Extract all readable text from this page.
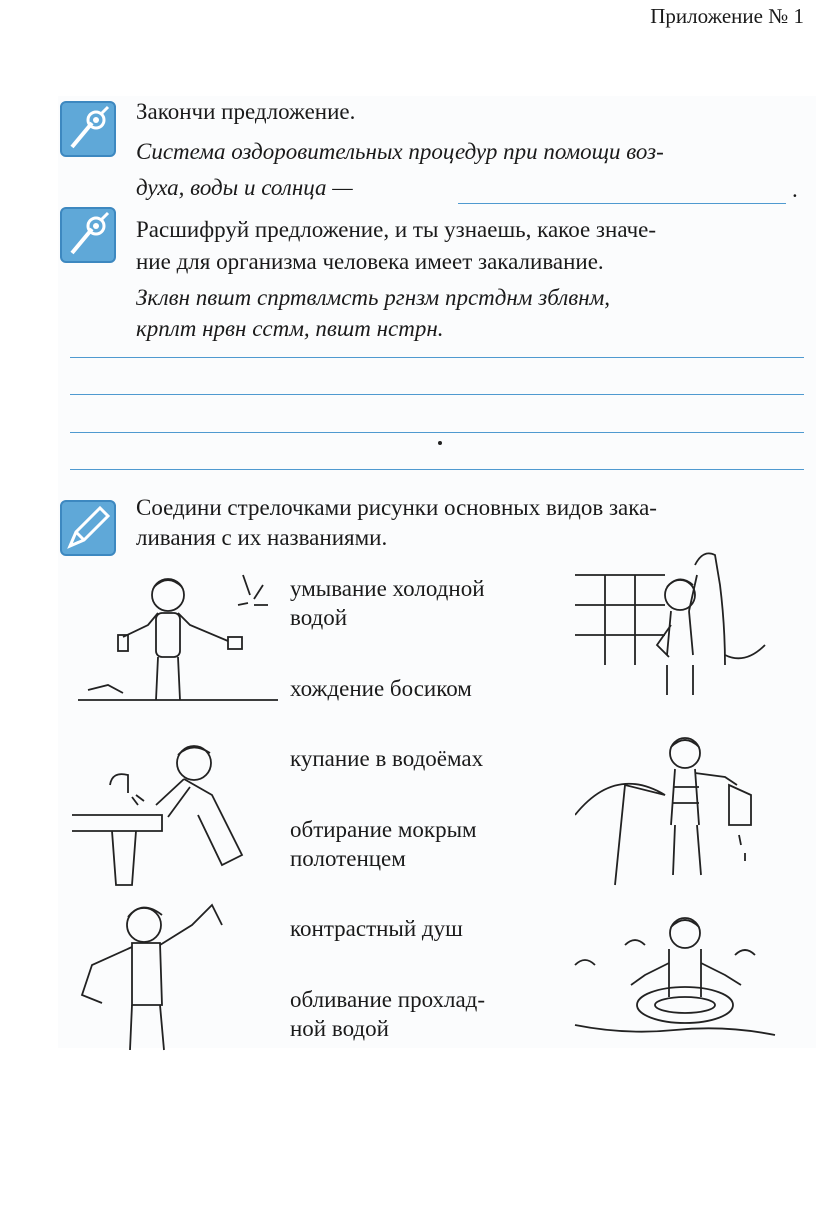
Приложение № 1
Закончи предложение.
Система оздоровительных процедур при помощи воз-
духа, воды и солнца —	.
Расшифруй предложение, и ты узнаешь, какое значе-
ние для организма человека имеет закаливание.
Зклвн пвшт спртвлмсть ргнзм прстднм зблвнм,
крплт нрвн сстм, пвшт нстрн.
Соедини стрелочками рисунки основных видов зака-
ливания с их названиями.
умывание холодной
водой
хождение босиком
купание в водоёмах
обтирание мокрым
полотенцем
контрастный душ
обливание прохлад-
ной водой
